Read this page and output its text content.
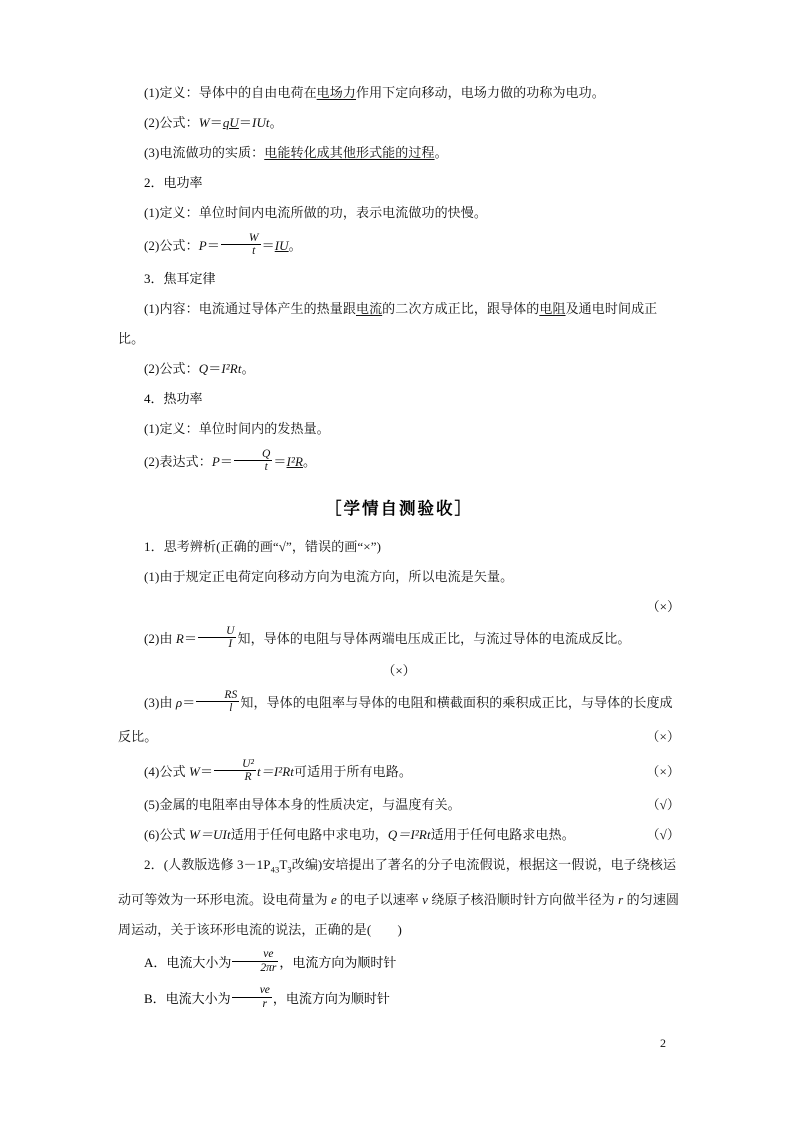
(1)定义：导体中的自由电荷在电场力作用下定向移动，电场力做的功称为电功。
(2)公式：W＝qU＝IUt。
(3)电流做功的实质：电能转化成其他形式能的过程。
2．电功率
(1)定义：单位时间内电流所做的功，表示电流做功的快慢。
(2)公式：$P= \frac{W}{t} =IU$。
3．焦耳定律
(1)内容：电流通过导体产生的热量跟电流的二次方成正比，跟导体的电阻及通电时间成正比。
(2)公式：Q＝I²Rt。
4．热功率
(1)定义：单位时间内的发热量。
(2)表达式：$P= \frac{Q}{t} =I^2R$。
［学情自测验收］
1．思考辨析(正确的画“√”，错误的画“×”)
(1)由于规定正电荷定向移动方向为电流方向，所以电流是矢量。
（×）
(2)由 $R= \frac{U}{I}$ 知，导体的电阻与导体两端电压成正比，与流过导体的电流成反比。
（×）
(3)由 $\rho= \frac{RS}{l}$ 知，导体的电阻率与导体的电阻和横截面积的乘积成正比，与导体的长度成反比。	（×）
(4)公式 $W= \frac{\text{U²}}{R} t=I^2Rt$可适用于所有电路。	（×）
(5)金属的电阻率由导体本身的性质决定，与温度有关。	（√）
(6)公式 W＝UIt适用于任何电路中求电功，Q＝I²Rt适用于任何电路求电热。	（√）
2．(人教版选修 $3-1P_{43}T_3$改编)安培提出了著名的分子电流假说，根据这一假说，电子绕核运动可等效为一环形电流。设电荷量为 e 的电子以速率 v 绕原子核沿顺时针方向做半径为 r 的匀速圆周运动，关于该环形电流的说法，正确的是(　　)
A．电流大小为 $\frac{ve}{2\pi r}$ ，电流方向为顺时针
B．电流大小为 $\frac{ve}{r}$ ，电流方向为顺时针
2
